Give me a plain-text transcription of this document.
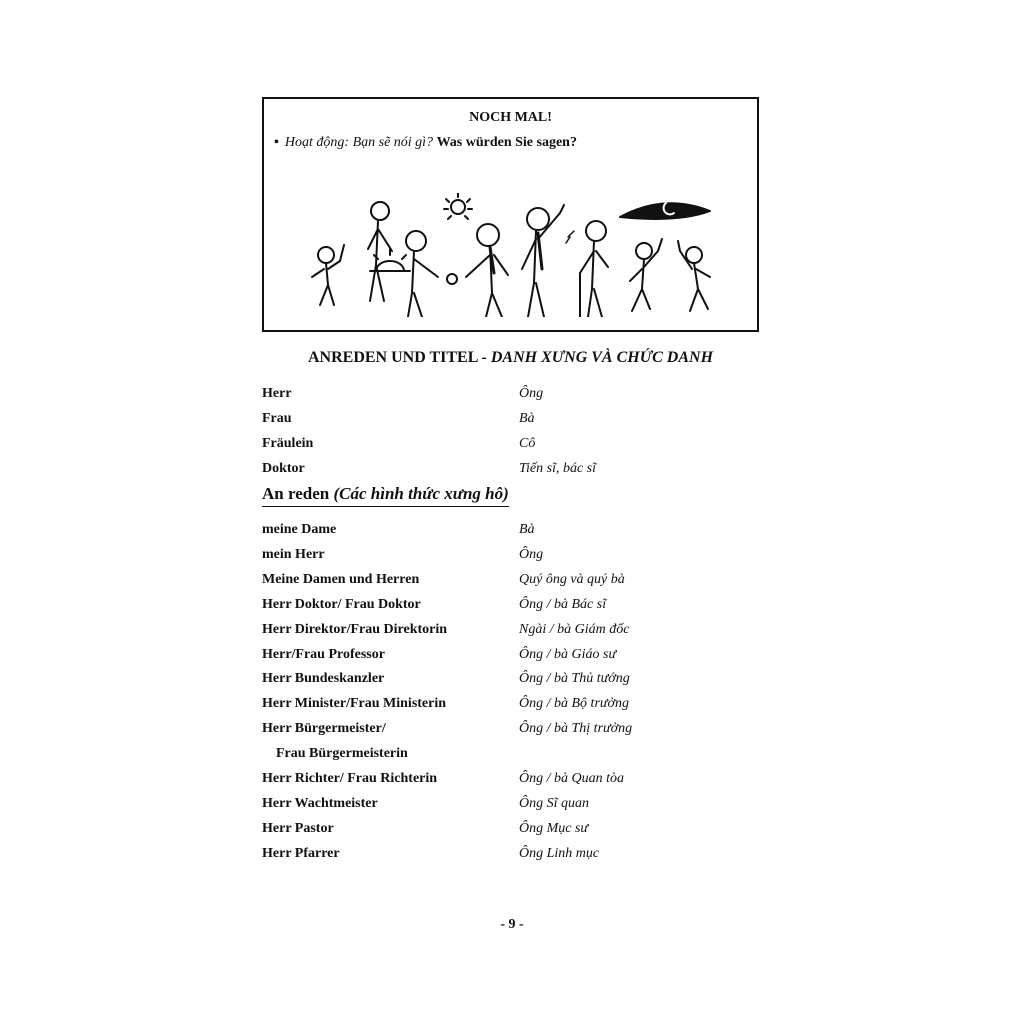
NOCH MAL!
• Hoạt động: Bạn sẽ nói gì? Was würden Sie sagen?
ANREDEN UND TITEL - DANH XƯNG VÀ CHỨC DANH
Herr	Ông
Frau	Bà
Fräulein	Cô
Doktor	Tiến sĩ, bác sĩ
An reden (Các hình thức xưng hô)
meine Dame	Bà
mein Herr	Ông
Meine Damen und Herren	Quý ông và quý bà
Herr Doktor/ Frau Doktor	Ông / bà Bác sĩ
Herr Direktor/Frau Direktorin	Ngài / bà Giám đốc
Herr/Frau Professor	Ông / bà Giáo sư
Herr Bundeskanzler	Ông / bà Thủ tướng
Herr Minister/Frau Ministerin	Ông / bà Bộ trưởng
Herr Bürgermeister/	Ông / bà Thị trưởng
Frau Bürgermeisterin
Herr Richter/ Frau Richterin	Ông / bà Quan tòa
Herr Wachtmeister	Ông Sĩ quan
Herr Pastor	Ông Mục sư
Herr Pfarrer	Ông Linh mục
- 9 -
